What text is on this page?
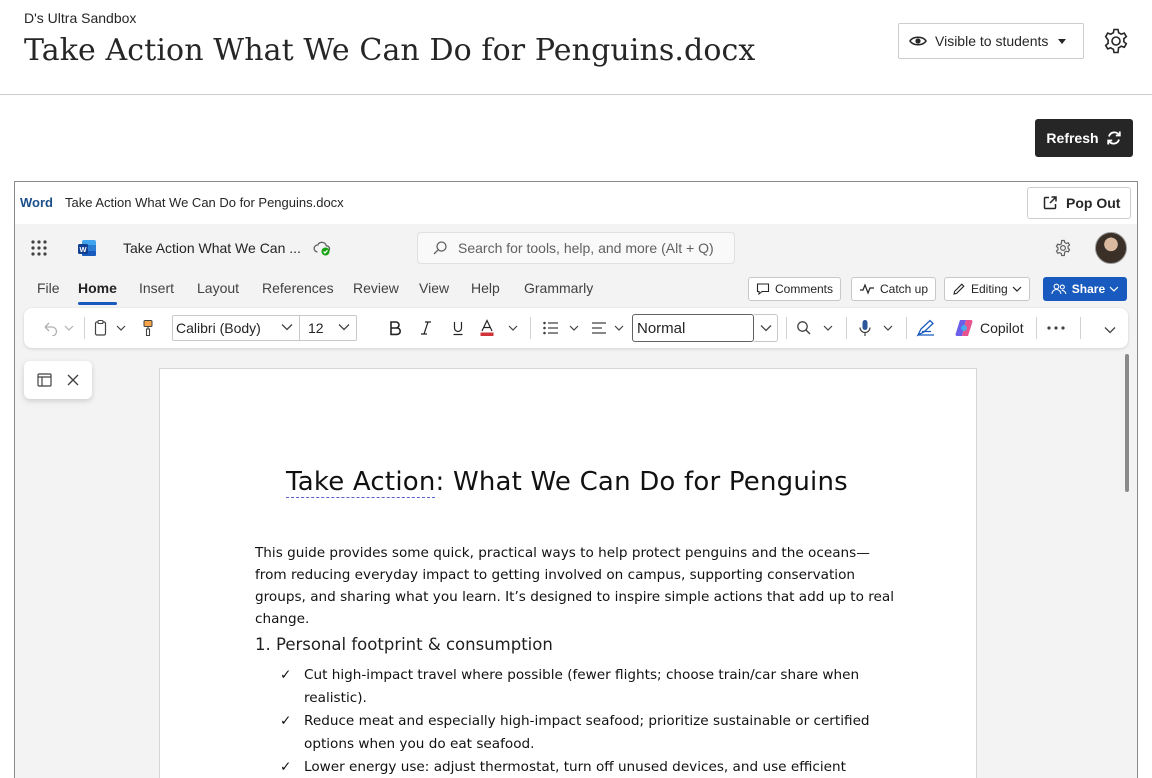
D's Ultra Sandbox
Take Action What We Can Do for Penguins.docx	Visible to students
Refresh
Word Take Action What We Can Do for Penguins.docx	Pop Out
W	Take Action What We Can ...	Search for tools, help, and more (Alt + Q)
File Home Insert Layout References Review View Help Grammarly	Comments	Catch up	Editing	Share
Calibri (Body)	12	Normal	Copilot
Take Action: What We Can Do for Penguins

This guide provides some quick, practical ways to help protect penguins and the oceans—from reducing everyday impact to getting involved on campus, supporting conservation groups, and sharing what you learn. It’s designed to inspire simple actions that add up to real change.

1. Personal footprint & consumption
✓ Cut high-impact travel where possible (fewer flights; choose train/car share when realistic).
✓ Reduce meat and especially high-impact seafood; prioritize sustainable or certified options when you do eat seafood.
✓ Lower energy use: adjust thermostat, turn off unused devices, and use efficient
